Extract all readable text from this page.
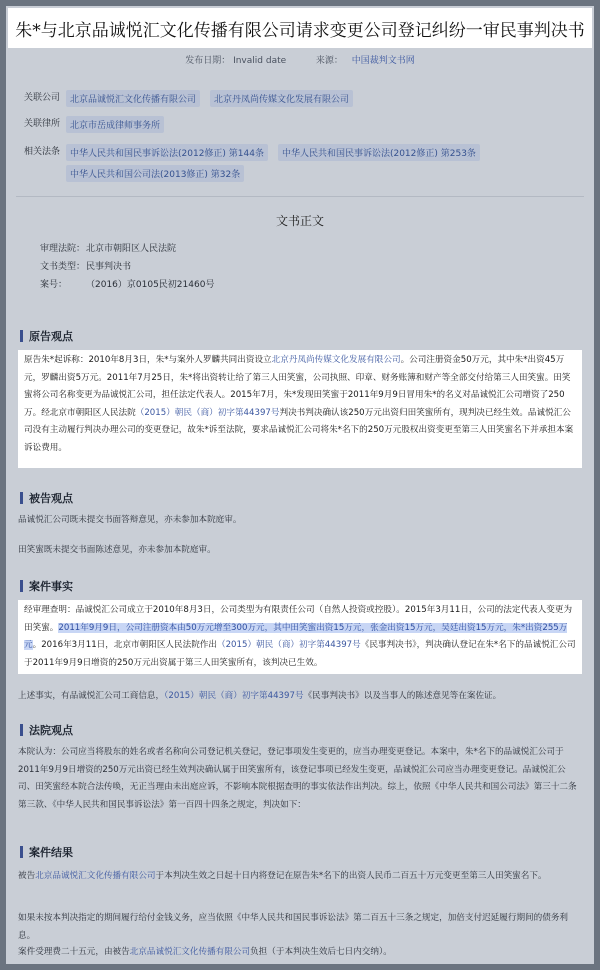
朱*与北京品诚悦汇文化传播有限公司请求变更公司登记纠纷一审民事判决书
发布日期： Invalid date	来源： 中国裁判文书网
关联公司	北京品诚悦汇文化传播有限公司	北京丹凤尚传媒文化发展有限公司
关联律所	北京市岳成律师事务所
相关法条	中华人民共和国民事诉讼法(2012修正) 第144条	中华人民共和国民事诉讼法(2012修正) 第253条
中华人民共和国公司法(2013修正) 第32条
文书正文
审理法院：北京市朝阳区人民法院
文书类型：民事判决书
案号： （2016）京0105民初21460号
原告观点
原告朱*起诉称：2010年8月3日，朱*与案外人罗麟共同出资设立北京丹凤尚传媒文化发展有限公司。公司注册资金50万元，其中朱*出资45万元，罗麟出资5万元。2011年7月25日，朱*将出资转让给了第三人田笑蜜，公司执照、印章、财务账簿和财产等全部交付给第三人田笑蜜。田笑蜜将公司名称变更为品诚悦汇公司，担任法定代表人。2015年7月，朱*发现田笑蜜于2011年9月9日冒用朱*的名义对品诚悦汇公司增资了250万。经北京市朝阳区人民法院（2015）朝民（商）初字第44397号判决书判决确认该250万元出资归田笑蜜所有，现判决已经生效。品诚悦汇公司没有主动履行判决办理公司的变更登记，故朱*诉至法院，要求品诚悦汇公司将朱*名下的250万元股权出资变更至第三人田笑蜜名下并承担本案诉讼费用。
被告观点
品诚悦汇公司既未提交书面答辩意见，亦未参加本院庭审。
田笑蜜既未提交书面陈述意见，亦未参加本院庭审。
案件事实
经审理查明：品诚悦汇公司成立于2010年8月3日，公司类型为有限责任公司（自然人投资或控股）。2015年3月11日，公司的法定代表人变更为田笑蜜。2011年9月9日，公司注册资本由50万元增至300万元，其中田笑蜜出资15万元，张金出资15万元，吴廷出资15万元，朱*出资255万元。2016年3月11日，北京市朝阳区人民法院作出（2015）朝民（商）初字第44397号《民事判决书》，判决确认登记在朱*名下的品诚悦汇公司于2011年9月9日增资的250万元出资属于第三人田笑蜜所有，该判决已生效。
上述事实，有品诚悦汇公司工商信息，（2015）朝民（商）初字第44397号《民事判决书》以及当事人的陈述意见等在案佐证。
法院观点
本院认为：公司应当将股东的姓名或者名称向公司登记机关登记，登记事项发生变更的，应当办理变更登记。本案中，朱*名下的品诚悦汇公司于2011年9月9日增资的250万元出资已经生效判决确认属于田笑蜜所有，该登记事项已经发生变更，品诚悦汇公司应当办理变更登记。品诚悦汇公司、田笑蜜经本院合法传唤，无正当理由未出庭应诉，不影响本院根据查明的事实依法作出判决。综上，依照《中华人民共和国公司法》第三十二条第三款、《中华人民共和国民事诉讼法》第一百四十四条之规定，判决如下：
案件结果
被告北京品诚悦汇文化传播有限公司于本判决生效之日起十日内将登记在原告朱*名下的出资人民币二百五十万元变更至第三人田笑蜜名下。
如果未按本判决指定的期间履行给付金钱义务，应当依照《中华人民共和国民事诉讼法》第二百五十三条之规定，加倍支付迟延履行期间的债务利息。
案件受理费二十五元，由被告北京品诚悦汇文化传播有限公司负担（于本判决生效后七日内交纳）。
